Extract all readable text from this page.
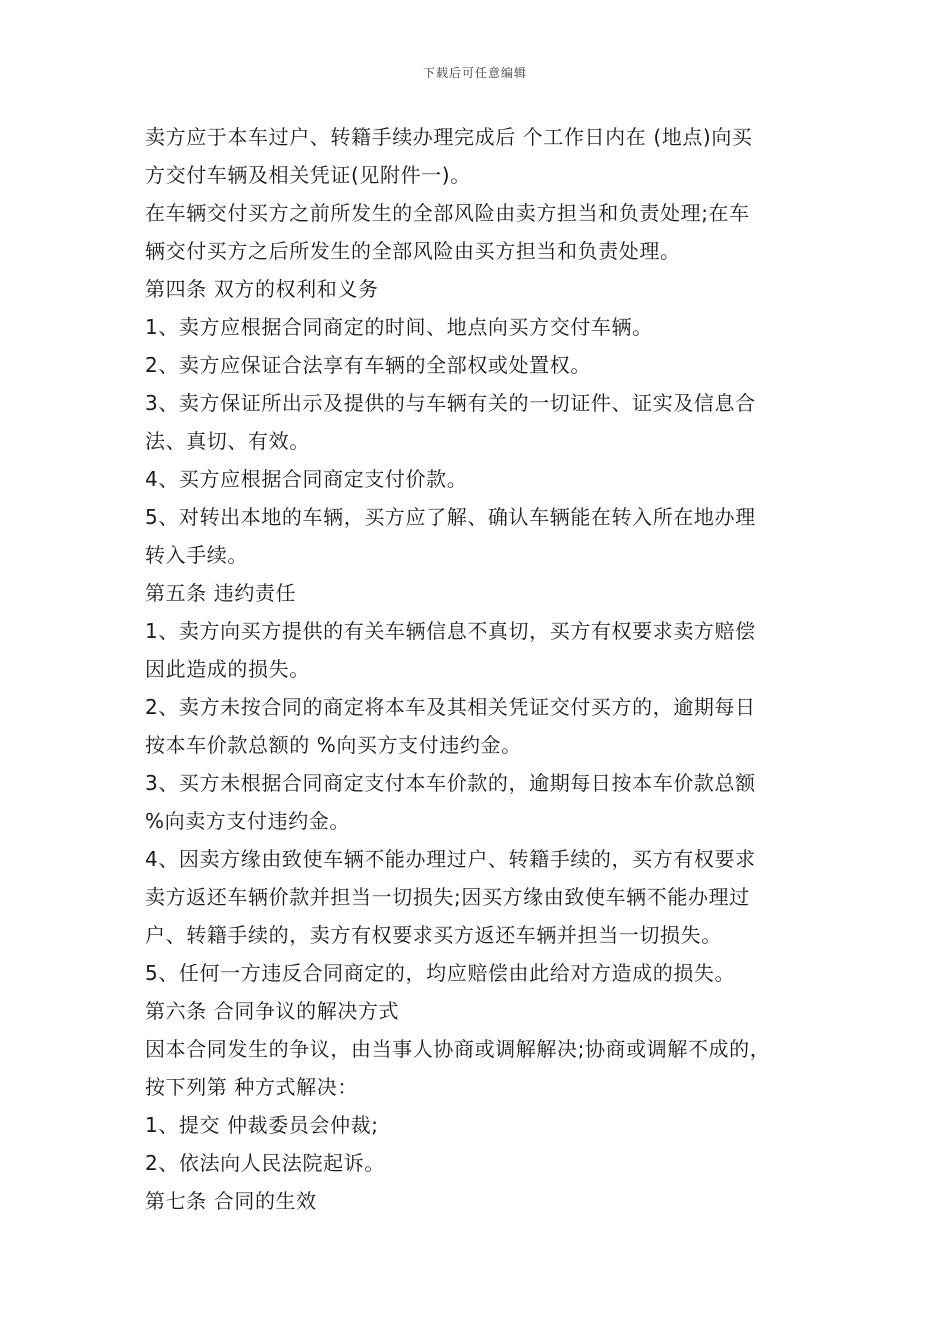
下载后可任意编辑
卖方应于本车过户、转籍手续办理完成后 个工作日内在 (地点)向买
方交付车辆及相关凭证(见附件一)。
在车辆交付买方之前所发生的全部风险由卖方担当和负责处理;在车
辆交付买方之后所发生的全部风险由买方担当和负责处理。
第四条 双方的权利和义务
1、卖方应根据合同商定的时间、地点向买方交付车辆。
2、卖方应保证合法享有车辆的全部权或处置权。
3、卖方保证所出示及提供的与车辆有关的一切证件、证实及信息合
法、真切、有效。
4、买方应根据合同商定支付价款。
5、对转出本地的车辆，买方应了解、确认车辆能在转入所在地办理
转入手续。
第五条 违约责任
1、卖方向买方提供的有关车辆信息不真切，买方有权要求卖方赔偿
因此造成的损失。
2、卖方未按合同的商定将本车及其相关凭证交付买方的，逾期每日
按本车价款总额的 %向买方支付违约金。
3、买方未根据合同商定支付本车价款的，逾期每日按本车价款总额
%向卖方支付违约金。
4、因卖方缘由致使车辆不能办理过户、转籍手续的，买方有权要求
卖方返还车辆价款并担当一切损失;因买方缘由致使车辆不能办理过
户、转籍手续的，卖方有权要求买方返还车辆并担当一切损失。
5、任何一方违反合同商定的，均应赔偿由此给对方造成的损失。
第六条 合同争议的解决方式
因本合同发生的争议，由当事人协商或调解解决;协商或调解不成的，
按下列第 种方式解决：
1、提交 仲裁委员会仲裁;
2、依法向人民法院起诉。
第七条 合同的生效
